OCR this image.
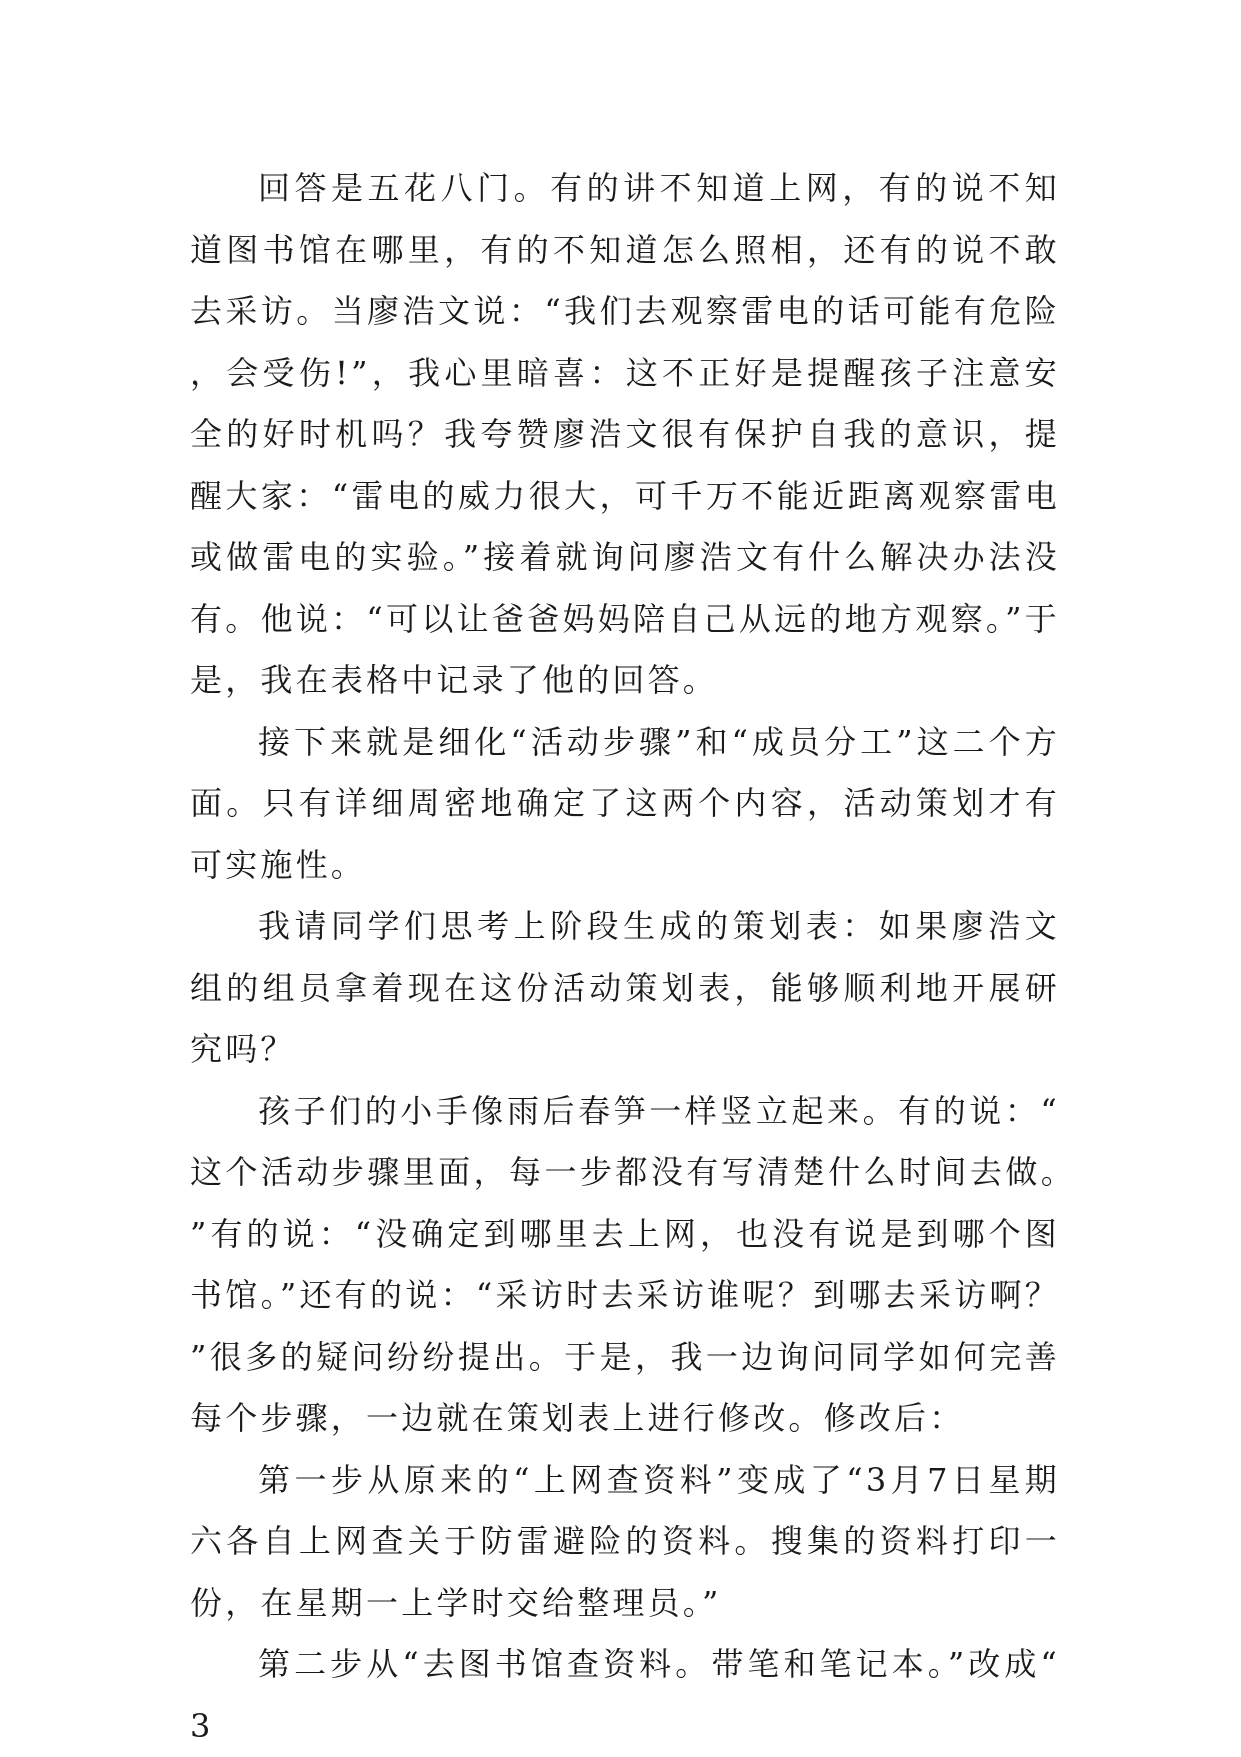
回答是五花八门。有的讲不知道上网，有的说不知道图书馆在哪里，有的不知道怎么照相，还有的说不敢去采访。当廖浩文说：“我们去观察雷电的话可能有危险，会受伤!”，我心里暗喜：这不正好是提醒孩子注意安全的好时机吗？我夸赞廖浩文很有保护自我的意识，提醒大家：“雷电的威力很大，可千万不能近距离观察雷电或做雷电的实验。”接着就询问廖浩文有什么解决办法没有。他说：“可以让爸爸妈妈陪自己从远的地方观察。”于是，我在表格中记录了他的回答。

接下来就是细化“活动步骤”和“成员分工”这二个方面。只有详细周密地确定了这两个内容，活动策划才有可实施性。

我请同学们思考上阶段生成的策划表：如果廖浩文组的组员拿着现在这份活动策划表，能够顺利地开展研究吗？

孩子们的小手像雨后春笋一样竖立起来。有的说：“这个活动步骤里面，每一步都没有写清楚什么时间去做。”有的说：“没确定到哪里去上网，也没有说是到哪个图书馆。”还有的说：“采访时去采访谁呢？到哪去采访啊？”很多的疑问纷纷提出。于是，我一边询问同学如何完善每个步骤，一边就在策划表上进行修改。修改后：

第一步从原来的“上网查资料”变成了“3月7日星期六各自上网查关于防雷避险的资料。搜集的资料打印一份，在星期一上学时交给整理员。”

第二步从“去图书馆查资料。带笔和笔记本。”改成“3
